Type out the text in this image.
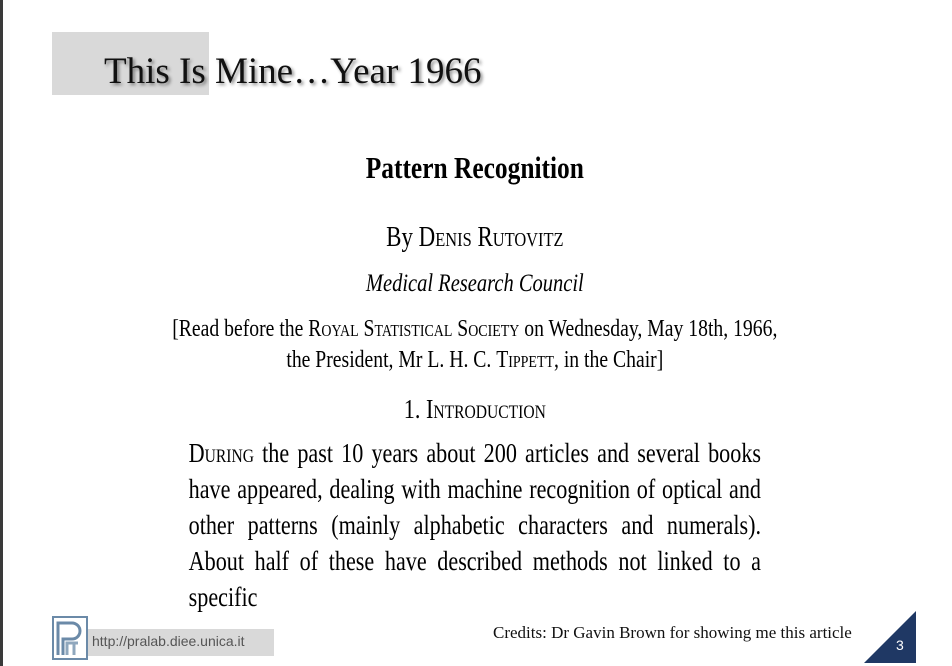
This Is Mine…Year 1966
Pattern Recognition
By Denis Rutovitz
Medical Research Council
[Read before the Royal Statistical Society on Wednesday, May 18th, 1966,
the President, Mr L. H. C. Tippett, in the Chair]
1. Introduction
During the past 10 years about 200 articles and several books have appeared, dealing with machine recognition of optical and other patterns (mainly alphabetic characters and numerals). About half of these have described methods not linked to a specific
http://pralab.diee.unica.it	Credits: Dr Gavin Brown for showing me this article
3
